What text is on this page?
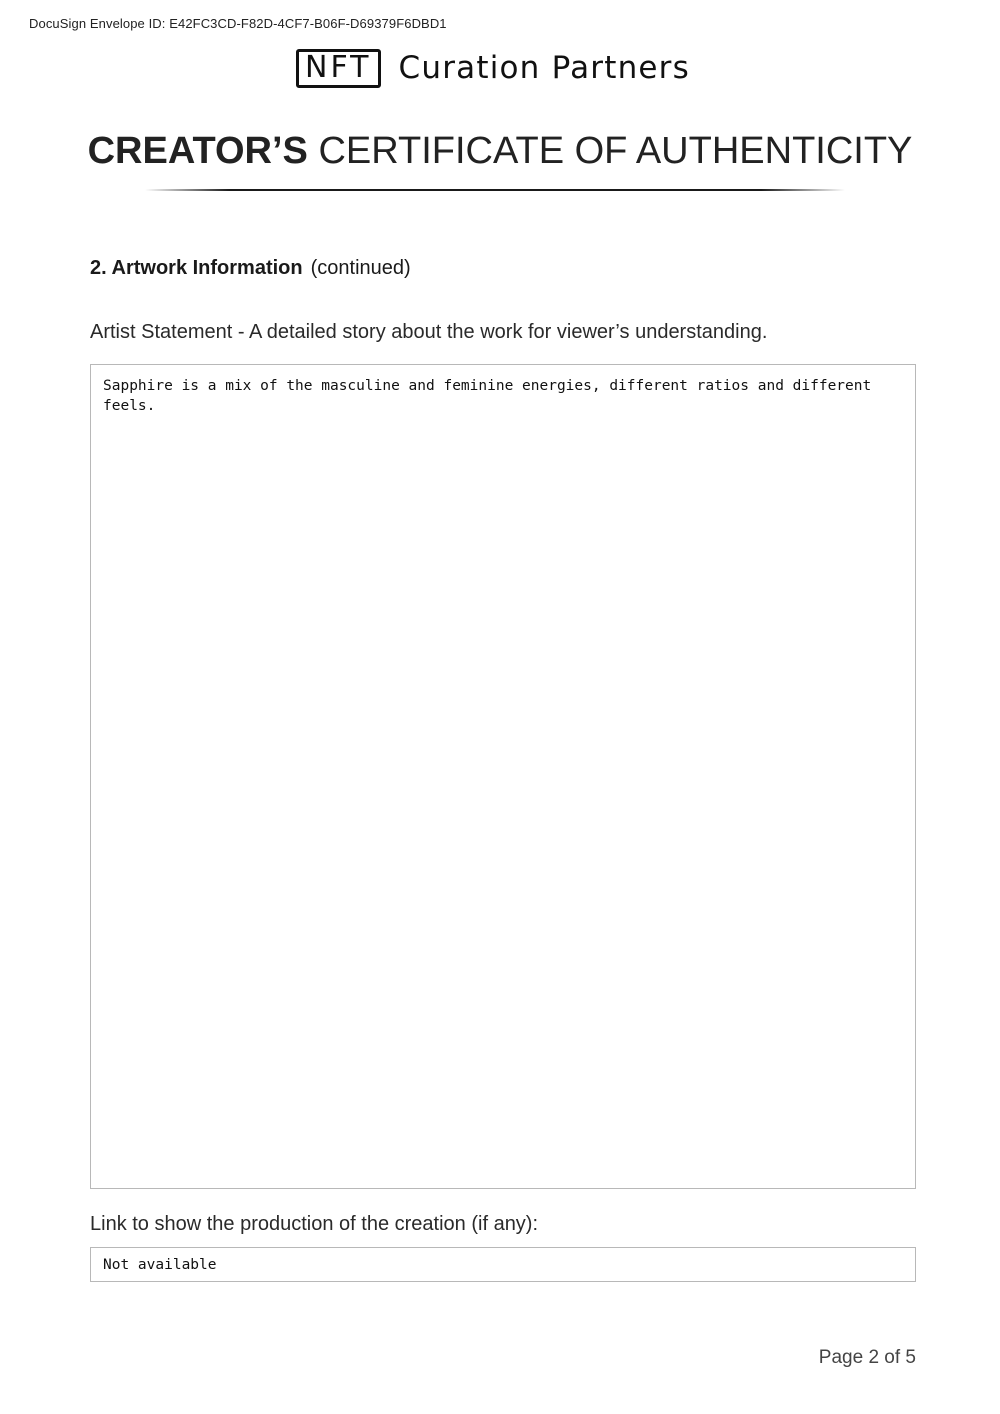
DocuSign Envelope ID: E42FC3CD-F82D-4CF7-B06F-D69379F6DBD1
NFT Curation Partners
CREATOR’S CERTIFICATE OF AUTHENTICITY
2. Artwork Information (continued)
Artist Statement - A detailed story about the work for viewer’s understanding.
Sapphire is a mix of the masculine and feminine energies, different ratios and different
feels.
Link to show the production of the creation (if any):
Not available
Page 2 of 5
